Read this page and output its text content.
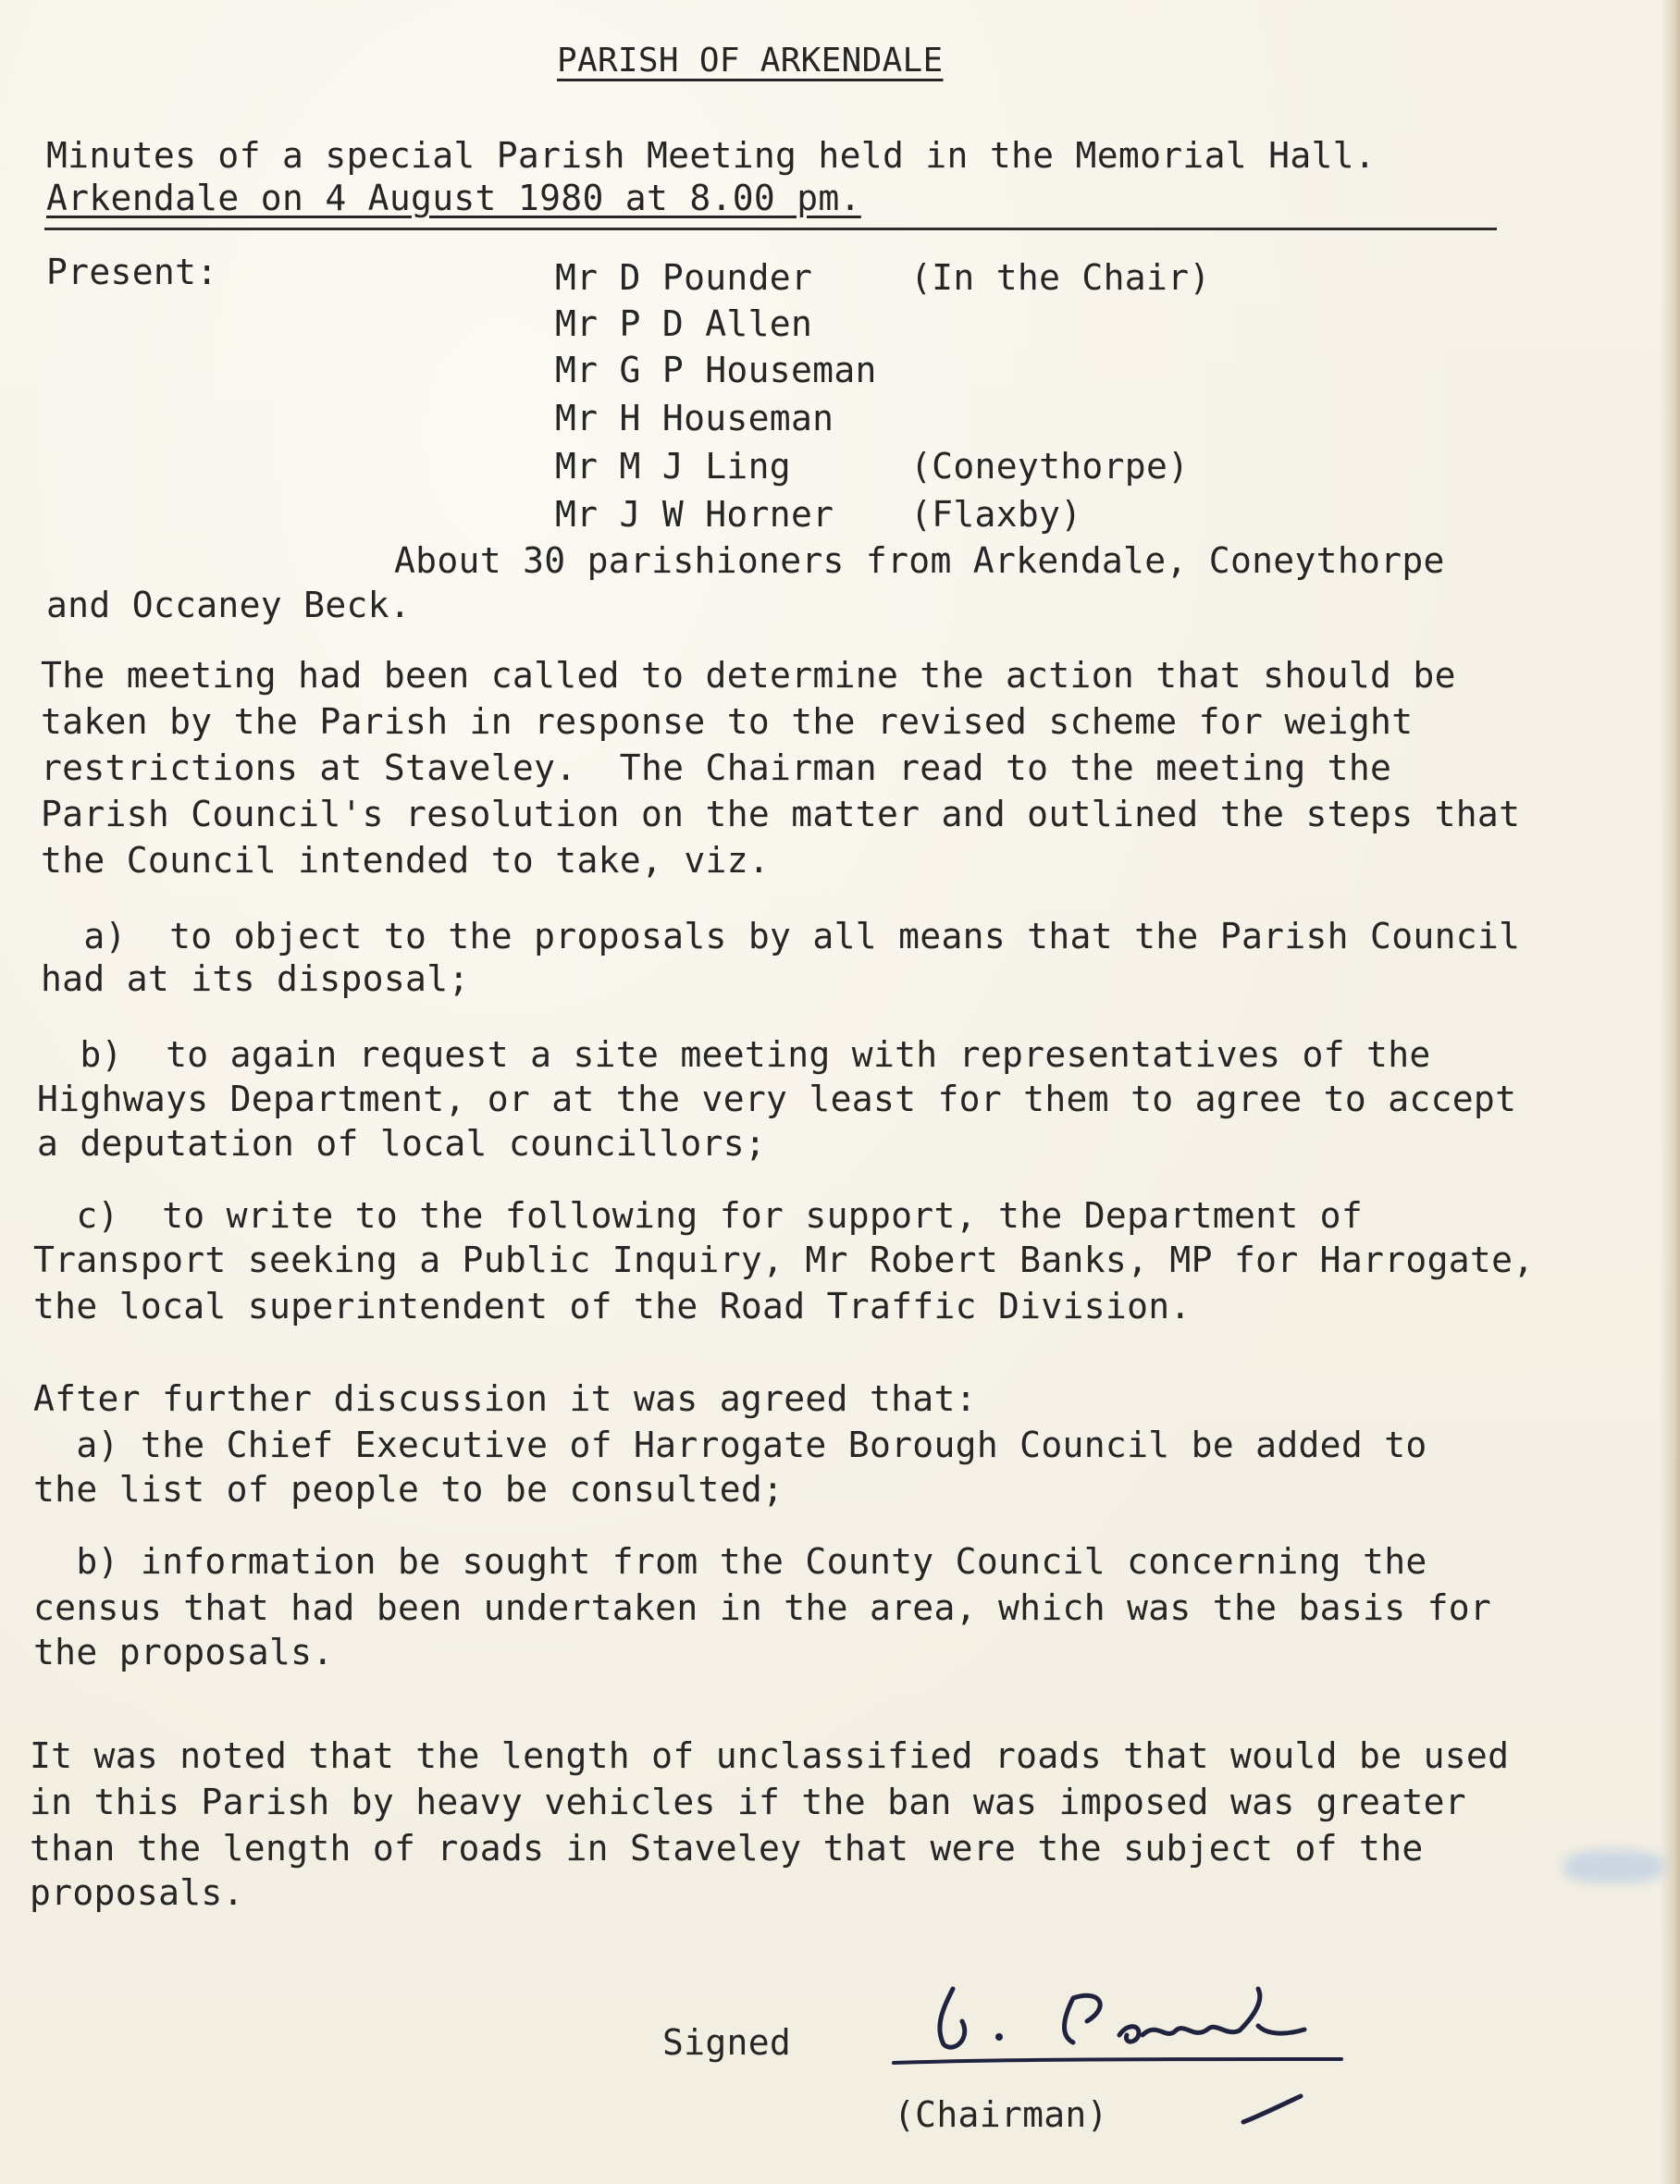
PARISH OF ARKENDALE
Minutes of a special Parish Meeting held in the Memorial Hall.
Arkendale on 4 August 1980 at 8.00 pm.
Present:	Mr D Pounder	(In the Chair)
Mr P D Allen
Mr G P Houseman
Mr H Houseman
Mr M J Ling	(Coneythorpe)
Mr J W Horner (Flaxby)
About 30 parishioners from Arkendale, Coneythorpe
and Occaney Beck.
The meeting had been called to determine the action that should be
taken by the Parish in response to the revised scheme for weight
restrictions at Staveley.  The Chairman read to the meeting the
Parish Council's resolution on the matter and outlined the steps that
the Council intended to take, viz.
a)  to object to the proposals by all means that the Parish Council
had at its disposal;
b)  to again request a site meeting with representatives of the
Highways Department, or at the very least for them to agree to accept
a deputation of local councillors;
c)  to write to the following for support, the Department of
Transport seeking a Public Inquiry, Mr Robert Banks, MP for Harrogate,
the local superintendent of the Road Traffic Division.
After further discussion it was agreed that:
a) the Chief Executive of Harrogate Borough Council be added to
the list of people to be consulted;
b) information be sought from the County Council concerning the
census that had been undertaken in the area, which was the basis for
the proposals.
It was noted that the length of unclassified roads that would be used
in this Parish by heavy vehicles if the ban was imposed was greater
than the length of roads in Staveley that were the subject of the
proposals.
Signed
(Chairman)
